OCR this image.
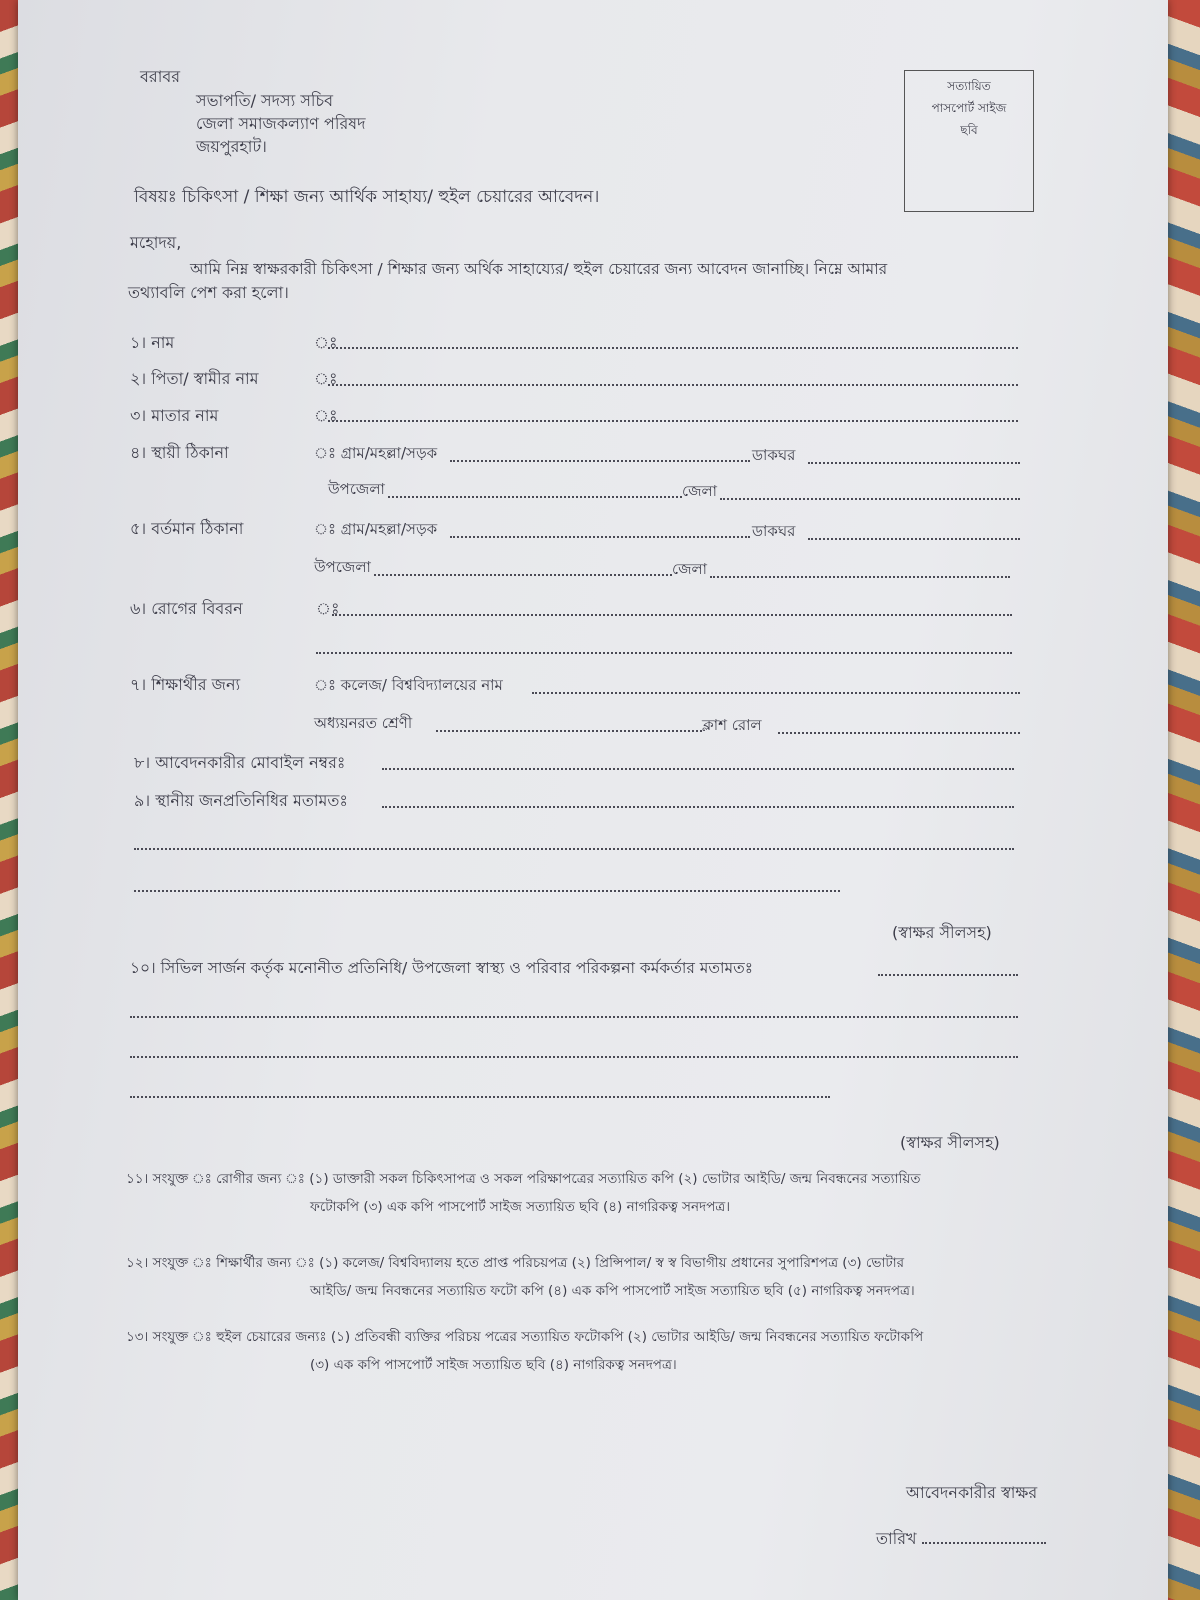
বরাবর
সভাপতি/ সদস্য সচিব
জেলা সমাজকল্যাণ পরিষদ
জয়পুরহাট।
সত্যায়িত
পাসপোর্ট সাইজ
ছবি
বিষয়ঃ চিকিৎসা / শিক্ষা জন্য আর্থিক সাহায্য/ হুইল চেয়ারের আবেদন।
মহোদয়,
আমি নিম্ন স্বাক্ষরকারী চিকিৎসা / শিক্ষার জন্য অর্থিক সাহায্যের/ হুইল চেয়ারের জন্য আবেদন জানাচ্ছি। নিম্নে আমার
তথ্যাবলি পেশ করা হলো।
১। নাম	ঃ
২। পিতা/ স্বামীর নাম	ঃ
৩। মাতার নাম	ঃ
৪। স্থায়ী ঠিকানা	ঃ গ্রাম/মহল্লা/সড়ক	ডাকঘর
উপজেলা	জেলা
৫। বর্তমান ঠিকানা	ঃ গ্রাম/মহল্লা/সড়ক	ডাকঘর
উপজেলা	জেলা
৬। রোগের বিবরন	ঃ
৭। শিক্ষার্থীর জন্য	ঃ কলেজ/ বিশ্ববিদ্যালয়ের নাম
অধ্যয়নরত শ্রেণী	ক্লাশ রোল
৮। আবেদনকারীর মোবাইল নম্বরঃ
৯। স্থানীয় জনপ্রতিনিধির মতামতঃ
(স্বাক্ষর সীলসহ)
১০। সিভিল সার্জন কর্তৃক মনোনীত প্রতিনিধি/ উপজেলা স্বাস্থ্য ও পরিবার পরিকল্পনা কর্মকর্তার মতামতঃ
(স্বাক্ষর সীলসহ)
১১। সংযুক্ত ঃ রোগীর জন্য ঃ (১) ডাক্তারী সকল চিকিৎসাপত্র ও সকল পরিক্ষাপত্রের সত্যায়িত কপি (২) ভোটার আইডি/ জন্ম নিবন্ধনের সত্যায়িত
ফটোকপি (৩) এক কপি পাসপোর্ট সাইজ সত্যায়িত ছবি (৪) নাগরিকত্ব সনদপত্র।
১২। সংযুক্ত ঃ শিক্ষার্থীর জন্য ঃ (১) কলেজ/ বিশ্ববিদ্যালয় হতে প্রাপ্ত পরিচয়পত্র (২) প্রিন্সিপাল/ স্ব স্ব বিভাগীয় প্রধানের সুপারিশপত্র (৩) ভোটার
আইডি/ জন্ম নিবন্ধনের সত্যায়িত ফটো কপি (৪) এক কপি পাসপোর্ট সাইজ সত্যায়িত ছবি (৫) নাগরিকত্ব সনদপত্র।
১৩। সংযুক্ত ঃ হুইল চেয়ারের জন্যঃ (১) প্রতিবন্ধী ব্যক্তির পরিচয় পত্রের সত্যায়িত ফটোকপি (২) ভোটার আইডি/ জন্ম নিবন্ধনের সত্যায়িত ফটোকপি
(৩) এক কপি পাসপোর্ট সাইজ সত্যায়িত ছবি (৪) নাগরিকত্ব সনদপত্র।
আবেদনকারীর স্বাক্ষর
তারিখ
